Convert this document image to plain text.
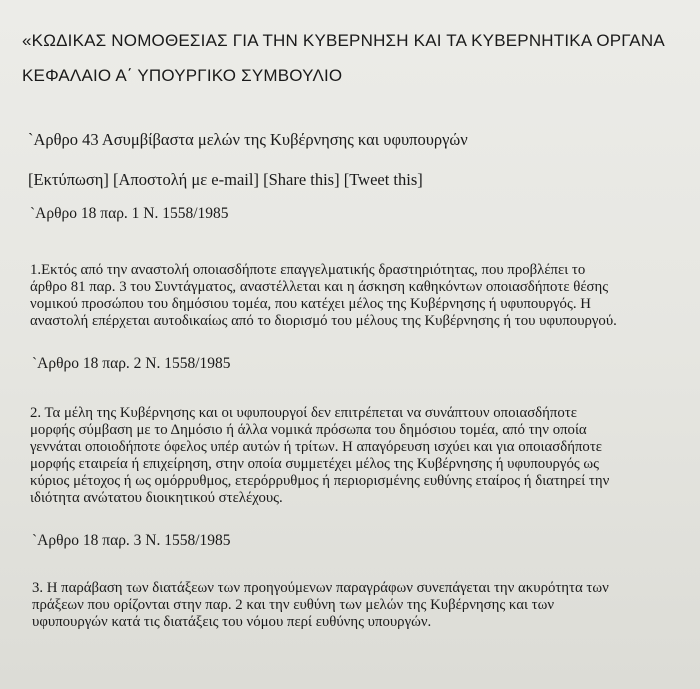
«ΚΩΔΙΚΑΣ ΝΟΜΟΘΕΣΙΑΣ ΓΙΑ ΤΗΝ ΚΥΒΕΡΝΗΣΗ ΚΑΙ ΤΑ ΚΥΒΕΡΝΗΤΙΚΑ ΟΡΓΑΝΑ
ΚΕΦΑΛΑΙΟ Α΄ ΥΠΟΥΡΓΙΚΟ ΣΥΜΒΟΥΛΙΟ
`Αρθρο 43 Ασυμβίβαστα μελών της Κυβέρνησης και υφυπουργών
[Εκτύπωση] [Αποστολή με e-mail] [Share this] [Tweet this]
`Αρθρο 18 παρ. 1 Ν. 1558/1985
1.Εκτός από την αναστολή οποιασδήποτε επαγγελματικής δραστηριότητας, που προβλέπει το
άρθρο 81 παρ. 3 του Συντάγματος, αναστέλλεται και η άσκηση καθηκόντων οποιασδήποτε θέσης
νομικού προσώπου του δημόσιου τομέα, που κατέχει μέλος της Κυβέρνησης ή υφυπουργός. Η
αναστολή επέρχεται αυτοδικαίως από το διορισμό του μέλους της Κυβέρνησης ή του υφυπουργού.
`Αρθρο 18 παρ. 2 Ν. 1558/1985
2. Τα μέλη της Κυβέρνησης και οι υφυπουργοί δεν επιτρέπεται να συνάπτουν οποιασδήποτε
μορφής σύμβαση με το Δημόσιο ή άλλα νομικά πρόσωπα του δημόσιου τομέα, από την οποία
γεννάται οποιοδήποτε όφελος υπέρ αυτών ή τρίτων. Η απαγόρευση ισχύει και για οποιασδήποτε
μορφής εταιρεία ή επιχείρηση, στην οποία συμμετέχει μέλος της Κυβέρνησης ή υφυπουργός ως
κύριος μέτοχος ή ως ομόρρυθμος, ετερόρρυθμος ή περιορισμένης ευθύνης εταίρος ή διατηρεί την
ιδιότητα ανώτατου διοικητικού στελέχους.
`Αρθρο 18 παρ. 3 Ν. 1558/1985
3. Η παράβαση των διατάξεων των προηγούμενων παραγράφων συνεπάγεται την ακυρότητα των
πράξεων που ορίζονται στην παρ. 2 και την ευθύνη των μελών της Κυβέρνησης και των
υφυπουργών κατά τις διατάξεις του νόμου περί ευθύνης υπουργών.
